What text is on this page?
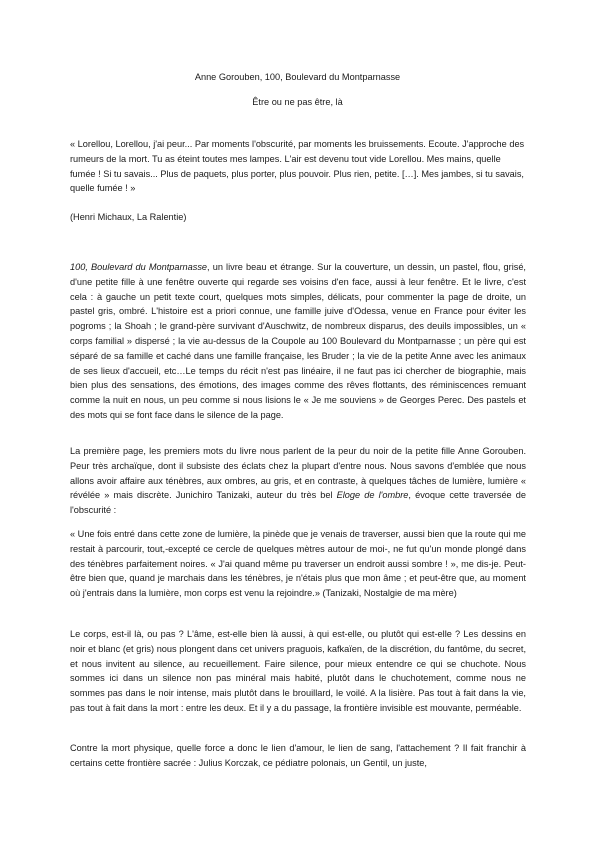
Anne Gorouben, 100, Boulevard du Montparnasse
Être ou ne pas être, là

« Lorellou, Lorellou, j'ai peur... Par moments l'obscurité, par moments les bruissements. Ecoute. J'approche des rumeurs de la mort. Tu as éteint toutes mes lampes. L'air est devenu tout vide Lorellou. Mes mains, quelle fumée ! Si tu savais... Plus de paquets, plus porter, plus pouvoir. Plus rien, petite. […]. Mes jambes, si tu savais, quelle fumée ! »

(Henri Michaux, La Ralentie)

100, Boulevard du Montparnasse, un livre beau et étrange. Sur la couverture, un dessin, un pastel, flou, grisé, d'une petite fille à une fenêtre ouverte qui regarde ses voisins d'en face, aussi à leur fenêtre. Et le livre, c'est cela : à gauche un petit texte court, quelques mots simples, délicats, pour commenter la page de droite, un pastel gris, ombré. L'histoire est a priori connue, une famille juive d'Odessa, venue en France pour éviter les pogroms ; la Shoah ; le grand-père survivant d'Auschwitz, de nombreux disparus, des deuils impossibles, un « corps familial » dispersé ; la vie au-dessus de la Coupole au 100 Boulevard du Montparnasse ; un père qui est séparé de sa famille et caché dans une famille française, les Bruder ; la vie de la petite Anne avec les animaux de ses lieux d'accueil, etc…Le temps du récit n'est pas linéaire, il ne faut pas ici chercher de biographie, mais bien plus des sensations, des émotions, des images comme des rêves flottants, des réminiscences remuant comme la nuit en nous, un peu comme si nous lisions le « Je me souviens » de Georges Perec. Des pastels et des mots qui se font face dans le silence de la page.

La première page, les premiers mots du livre nous parlent de la peur du noir de la petite fille Anne Gorouben. Peur très archaïque, dont il subsiste des éclats chez la plupart d'entre nous. Nous savons d'emblée que nous allons avoir affaire aux ténèbres, aux ombres, au gris, et en contraste, à quelques tâches de lumière, lumière « révélée » mais discrète. Junichiro Tanizaki, auteur du très bel Eloge de l'ombre, évoque cette traversée de l'obscurité :

« Une fois entré dans cette zone de lumière, la pinède que je venais de traverser, aussi bien que la route qui me restait à parcourir, tout,-excepté ce cercle de quelques mètres autour de moi-, ne fut qu'un monde plongé dans des ténèbres parfaitement noires. « J'ai quand même pu traverser un endroit aussi sombre ! », me dis-je. Peut-être bien que, quand je marchais dans les ténèbres, je n'étais plus que mon âme ; et peut-être que, au moment où j'entrais dans la lumière, mon corps est venu la rejoindre.» (Tanizaki, Nostalgie de ma mère)

Le corps, est-il là, ou pas ? L'âme, est-elle bien là aussi, à qui est-elle, ou plutôt qui est-elle ? Les dessins en noir et blanc (et gris) nous plongent dans cet univers praguois, kafkaïen, de la discrétion, du fantôme, du secret, et nous invitent au silence, au recueillement. Faire silence, pour mieux entendre ce qui se chuchote. Nous sommes ici dans un silence non pas minéral mais habité, plutôt dans le chuchotement, comme nous ne sommes pas dans le noir intense, mais plutôt dans le brouillard, le voilé. A la lisière. Pas tout à fait dans la vie, pas tout à fait dans la mort : entre les deux. Et il y a du passage, la frontière invisible est mouvante, perméable.

Contre la mort physique, quelle force a donc le lien d'amour, le lien de sang, l'attachement ? Il fait franchir à certains cette frontière sacrée : Julius Korczak, ce pédiatre polonais, un Gentil, un juste,
